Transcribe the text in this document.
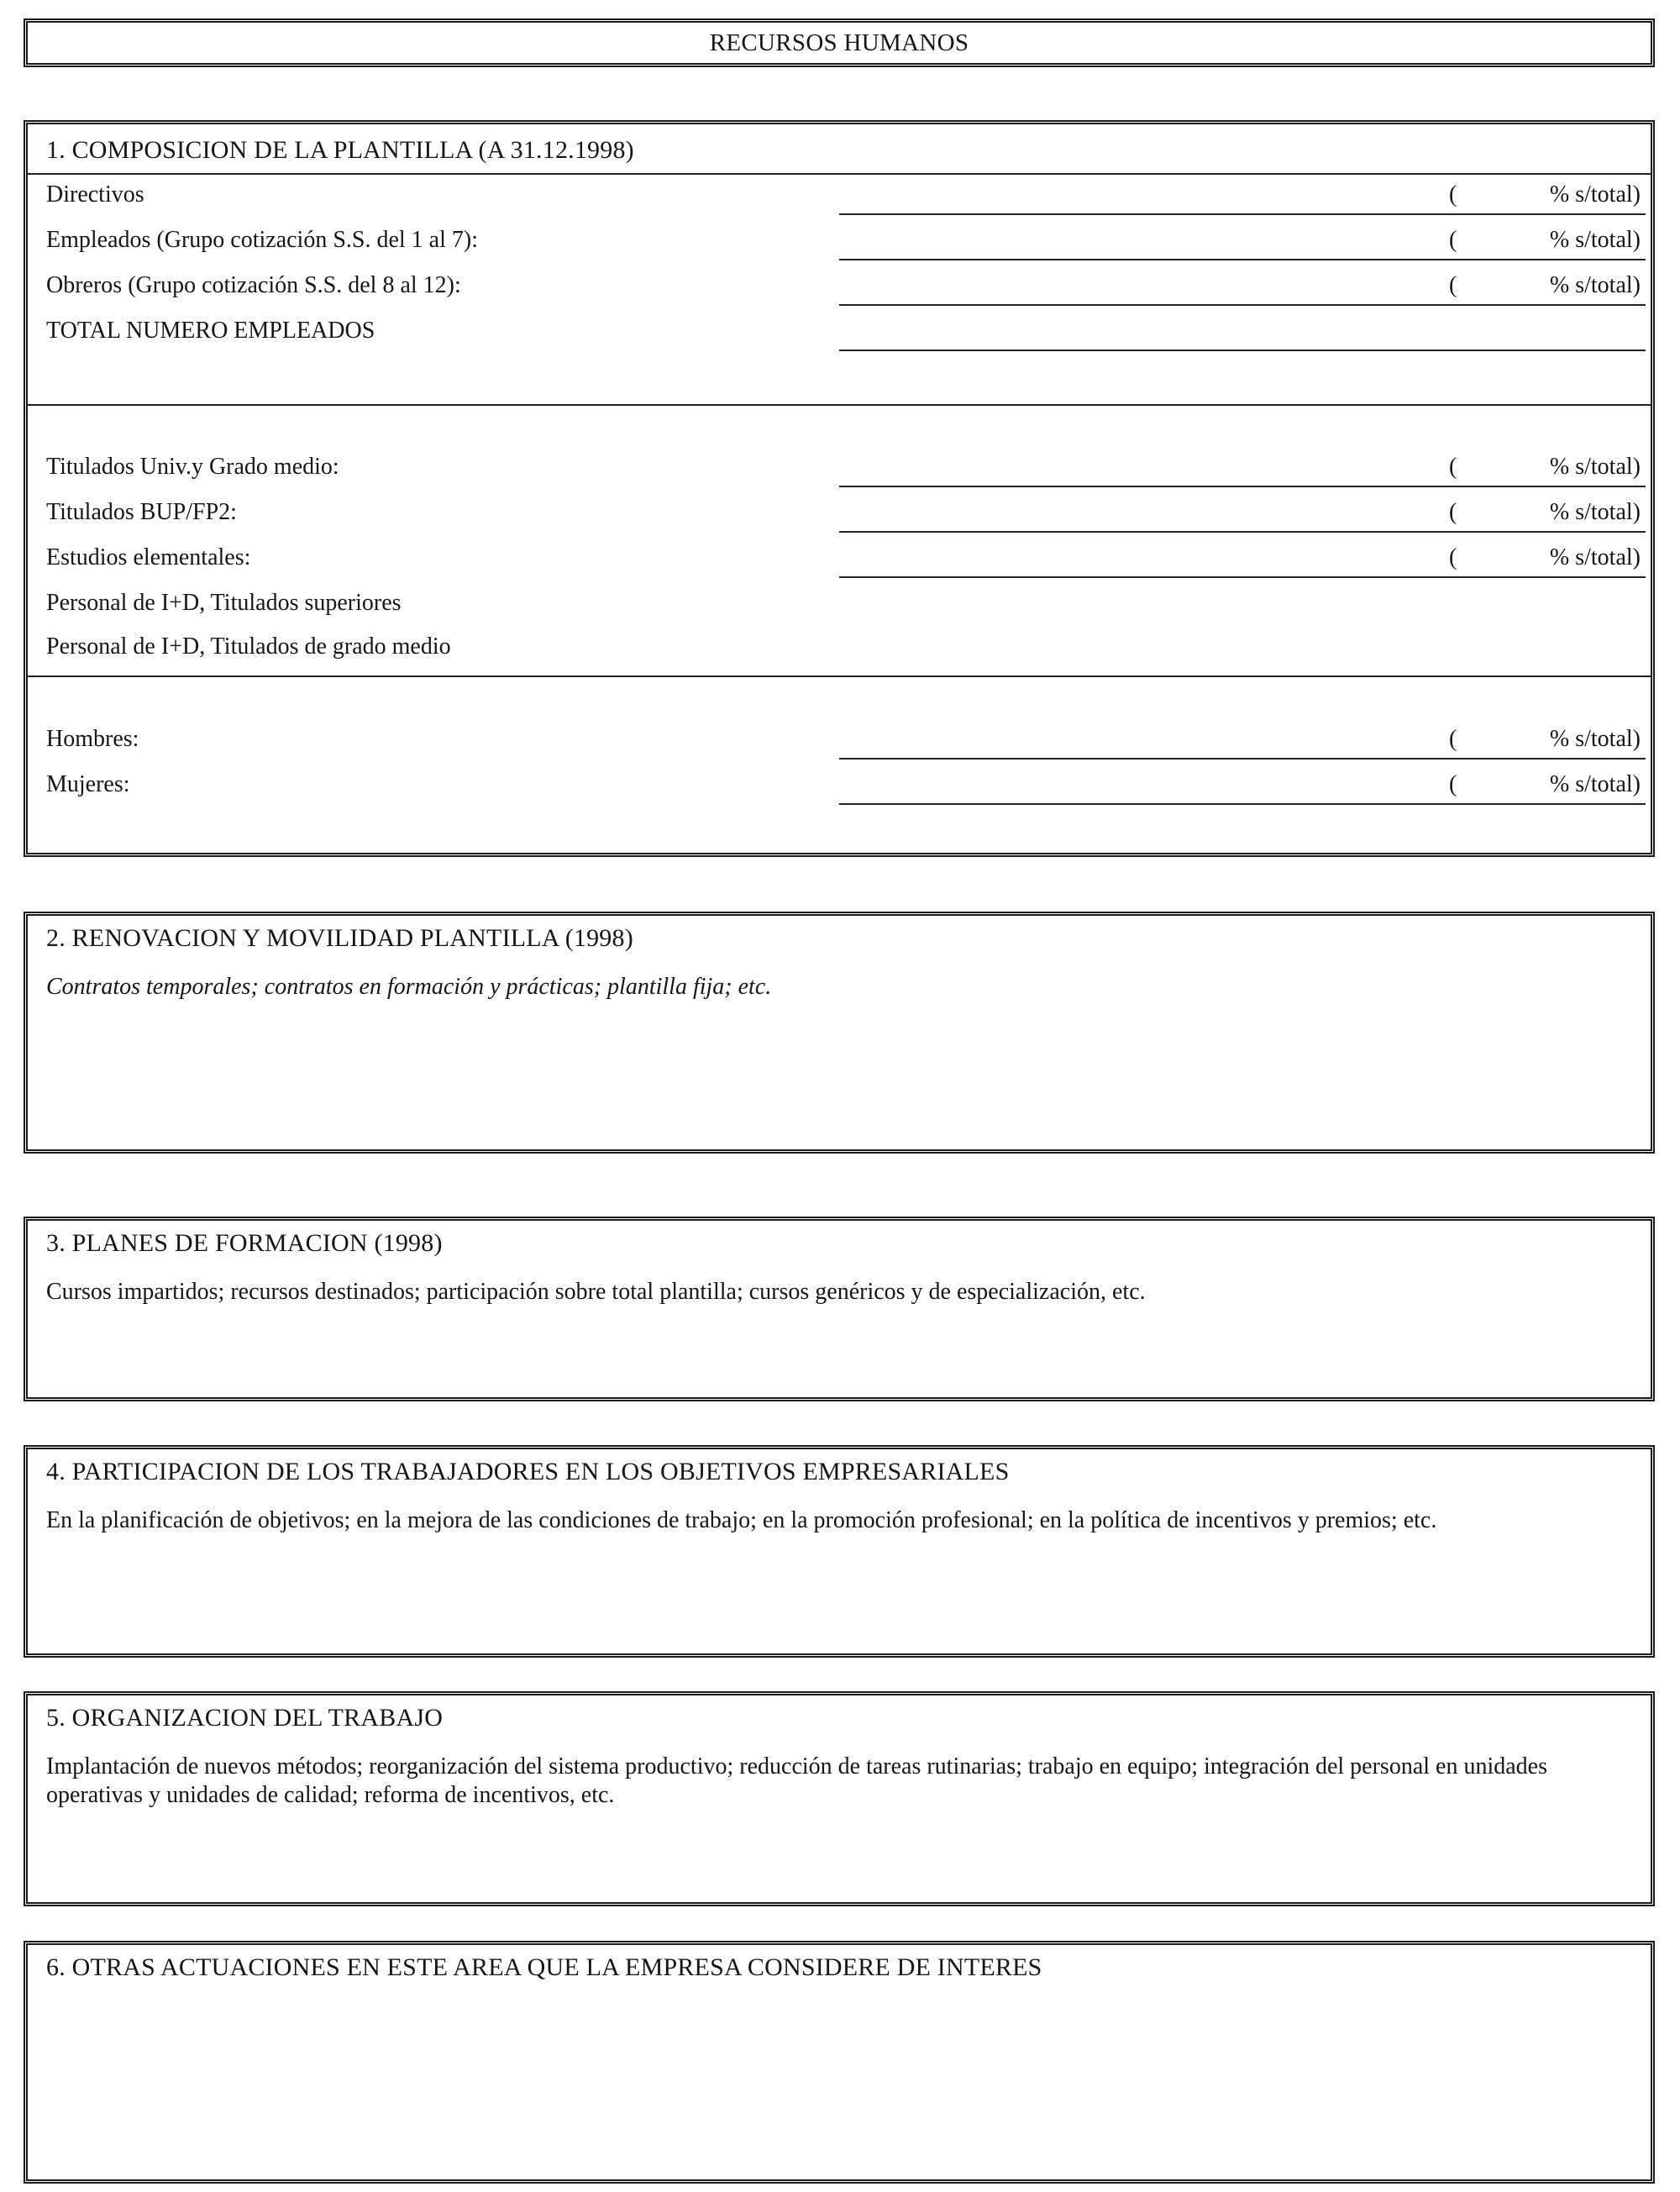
RECURSOS HUMANOS
1. COMPOSICION DE LA PLANTILLA (A 31.12.1998)
Directivos	(	% s/total)
Empleados (Grupo cotización S.S. del 1 al 7):	(	% s/total)
Obreros (Grupo cotización S.S. del 8 al 12):	(	% s/total)
TOTAL NUMERO EMPLEADOS
Titulados Univ.y Grado medio:	(	% s/total)
Titulados BUP/FP2:	(	% s/total)
Estudios elementales:	(	% s/total)
Personal de I+D, Titulados superiores
Personal de I+D, Titulados de grado medio
Hombres:	(	% s/total)
Mujeres:	(	% s/total)
2. RENOVACION Y MOVILIDAD PLANTILLA (1998)
Contratos temporales; contratos en formación y prácticas; plantilla fija; etc.
3. PLANES DE FORMACION (1998)
Cursos impartidos; recursos destinados; participación sobre total plantilla; cursos genéricos y de especialización, etc.
4. PARTICIPACION DE LOS TRABAJADORES EN LOS OBJETIVOS EMPRESARIALES
En la planificación de objetivos; en la mejora de las condiciones de trabajo; en la promoción profesional; en la política de incentivos y premios; etc.
5. ORGANIZACION DEL TRABAJO
Implantación de nuevos métodos; reorganización del sistema productivo; reducción de tareas rutinarias; trabajo en equipo; integración del personal en unidades operativas y unidades de calidad; reforma de incentivos, etc.
6. OTRAS ACTUACIONES EN ESTE AREA QUE LA EMPRESA CONSIDERE DE INTERES
